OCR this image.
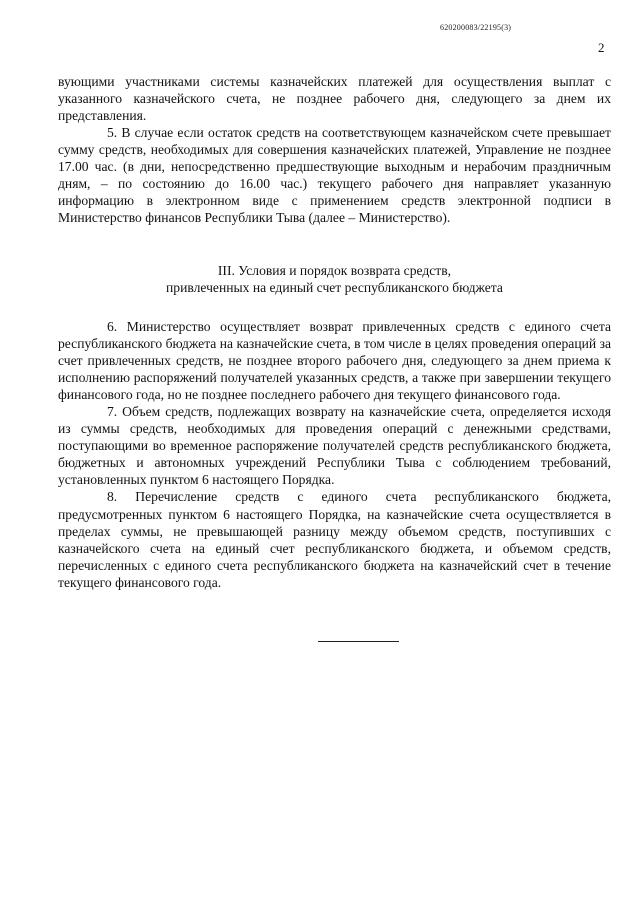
620200083/22195(3)
2

вующими участниками системы казначейских платежей для осуществления выплат с указанного казначейского счета, не позднее рабочего дня, следующего за днем их представления.

5. В случае если остаток средств на соответствующем казначейском счете превышает сумму средств, необходимых для совершения казначейских платежей, Управление не позднее 17.00 час. (в дни, непосредственно предшествующие выходным и нерабочим праздничным дням, – по состоянию до 16.00 час.) текущего рабочего дня направляет указанную информацию в электронном виде с применением средств электронной подписи в Министерство финансов Республики Тыва (далее – Министерство).

III. Условия и порядок возврата средств,
привлеченных на единый счет республиканского бюджета

6. Министерство осуществляет возврат привлеченных средств с единого счета республиканского бюджета на казначейские счета, в том числе в целях проведения операций за счет привлеченных средств, не позднее второго рабочего дня, следующего за днем приема к исполнению распоряжений получателей указанных средств, а также при завершении текущего финансового года, но не позднее последнего рабочего дня текущего финансового года.

7. Объем средств, подлежащих возврату на казначейские счета, определяется исходя из суммы средств, необходимых для проведения операций с денежными средствами, поступающими во временное распоряжение получателей средств республиканского бюджета, бюджетных и автономных учреждений Республики Тыва с соблюдением требований, установленных пунктом 6 настоящего Порядка.

8. Перечисление средств с единого счета республиканского бюджета, предусмотренных пунктом 6 настоящего Порядка, на казначейские счета осуществляется в пределах суммы, не превышающей разницу между объемом средств, поступивших с казначейского счета на единый счет республиканского бюджета, и объемом средств, перечисленных с единого счета республиканского бюджета на казначейский счет в течение текущего финансового года.
